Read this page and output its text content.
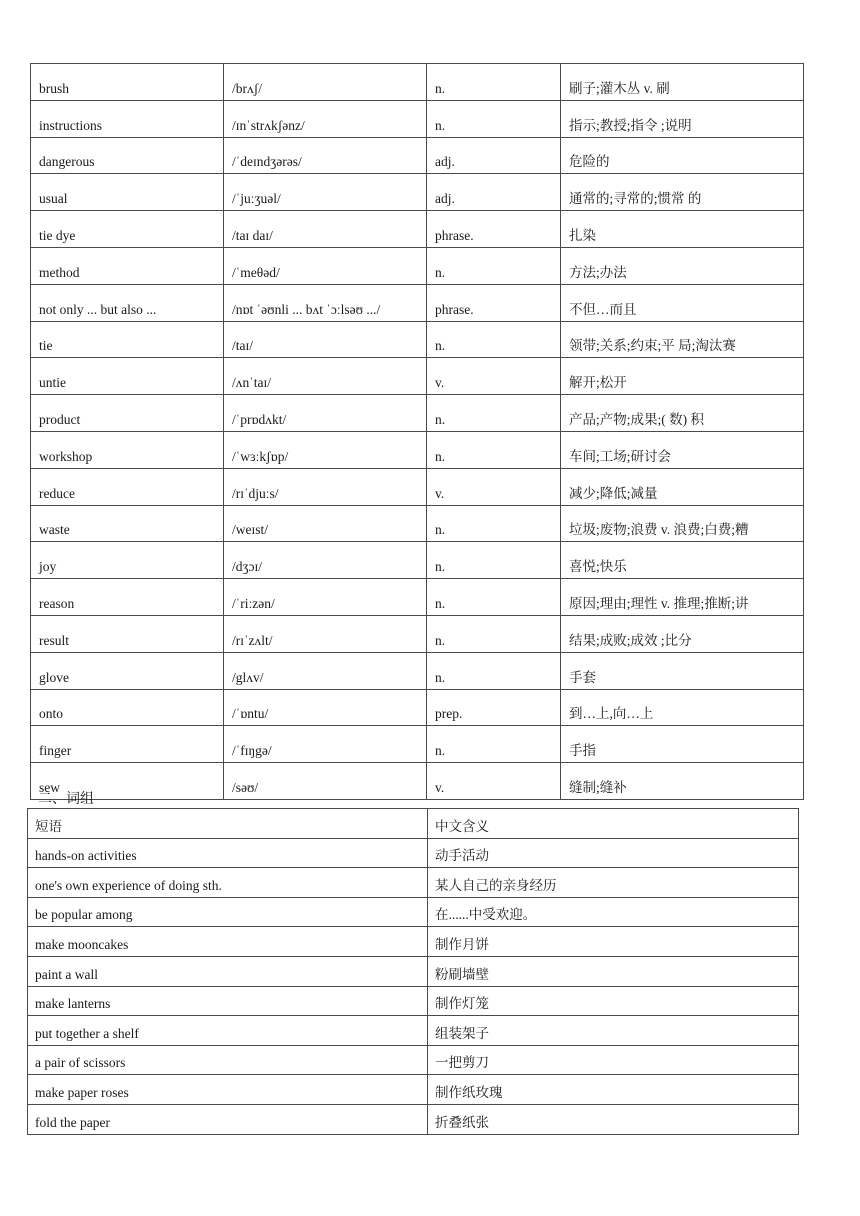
brush	/brʌʃ/	n.	刷子;灌木丛 v. 刷
instructions	/ɪnˈstrʌkʃənz/	n.	指示;教授;指令 ;说明
dangerous	/ˈdeɪndʒərəs/	adj.	危险的
usual	/ˈjuːʒuəl/	adj.	通常的;寻常的;惯常 的
tie dye	/taɪ daɪ/	phrase.	扎染
method	/ˈmeθəd/	n.	方法;办法
not only ... but also ...	/nɒt ˈəʊnli ... bʌt ˈɔːlsəʊ .../	phrase.	不但…而且
tie	/taɪ/	n.	领带;关系;约束;平 局;淘汰赛
untie	/ʌnˈtaɪ/	v.	解开;松开
product	/ˈprɒdʌkt/	n.	产品;产物;成果;( 数) 积
workshop	/ˈwɜːkʃɒp/	n.	车间;工场;研讨会
reduce	/rɪˈdjuːs/	v.	减少;降低;减量
waste	/weɪst/	n.	垃圾;废物;浪费 v. 浪费;白费;糟
joy	/dʒɔɪ/	n.	喜悦;快乐
reason	/ˈriːzən/	n.	原因;理由;理性 v. 推理;推断;讲
result	/rɪˈzʌlt/	n.	结果;成败;成效 ;比分
glove	/glʌv/	n.	手套
onto	/ˈɒntu/	prep.	到…上,向…上
finger	/ˈfɪŋgə/	n.	手指
sew	/səʊ/	v.	缝制;缝补
二、词组
短语	中文含义
hands-on activities	动手活动
one's own experience of doing sth.	某人自己的亲身经历
be popular among	在......中受欢迎。
make mooncakes	制作月饼
paint a wall	粉刷墙壁
make lanterns	制作灯笼
put together a shelf	组装架子
a pair of scissors	一把剪刀
make paper roses	制作纸玫瑰
fold the paper	折叠纸张
